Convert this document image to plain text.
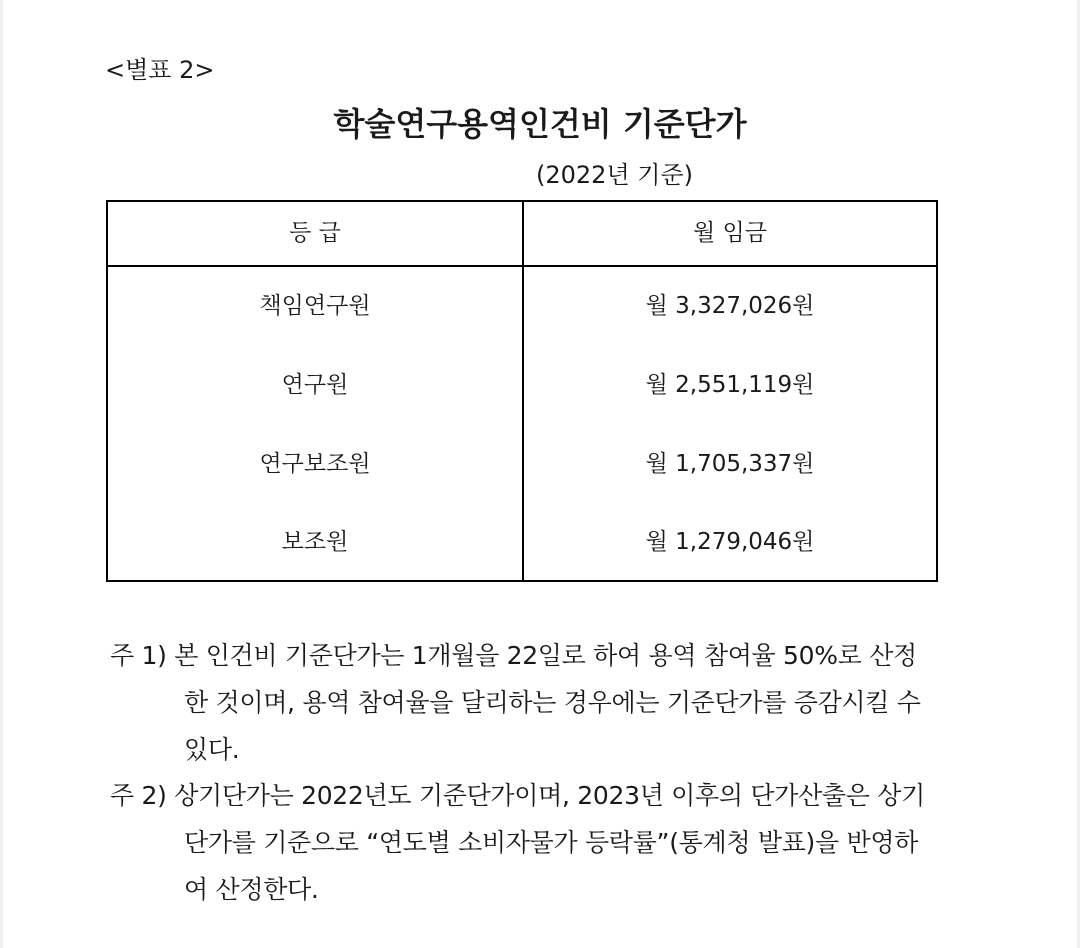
<별표 2>
학술연구용역인건비 기준단가
(2022년 기준)
등 급	월 임금
책임연구원	월 3,327,026원
연구원	월 2,551,119원
연구보조원	월 1,705,337원
보조원	월 1,279,046원
주 1) 본 인건비 기준단가는 1개월을 22일로 하여 용역 참여율 50%로 산정
한 것이며, 용역 참여율을 달리하는 경우에는 기준단가를 증감시킬 수
있다.
주 2) 상기단가는 2022년도 기준단가이며, 2023년 이후의 단가산출은 상기
단가를 기준으로 “연도별 소비자물가 등락률”(통계청 발표)을 반영하
여 산정한다.
